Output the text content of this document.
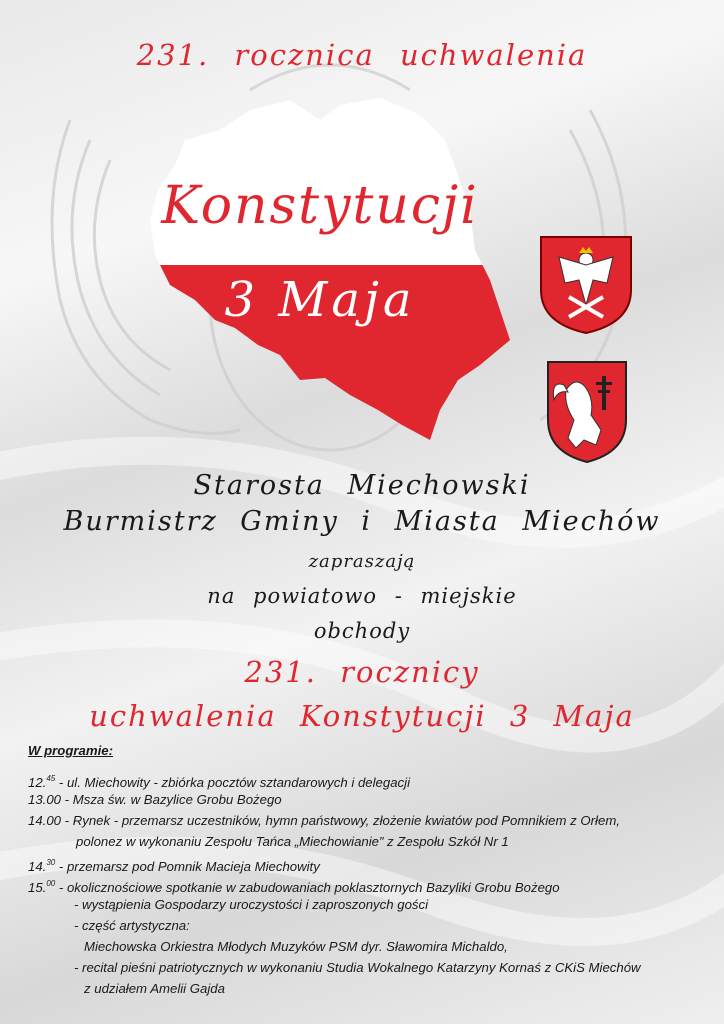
231. rocznica uchwalenia
Konstytucji
3 Maja
Starosta Miechowski
Burmistrz Gminy i Miasta Miechów
zapraszają
na powiatowo - miejskie
obchody
231. rocznicy
uchwalenia Konstytucji 3 Maja
W programie:
12.45 - ul. Miechowity - zbiórka pocztów sztandarowych i delegacji
13.00 - Msza św. w Bazylice Grobu Bożego
14.00 - Rynek - przemarsz uczestników, hymn państwowy, złożenie kwiatów pod Pomnikiem z Orłem,
polonez w wykonaniu Zespołu Tańca „Miechowianie” z Zespołu Szkół Nr 1
14.30 - przemarsz pod Pomnik Macieja Miechowity
15.00 - okolicznościowe spotkanie w zabudowaniach poklasztornych Bazyliki Grobu Bożego
- wystąpienia Gospodarzy uroczystości i zaproszonych gości
- część artystyczna:
Miechowska Orkiestra Młodych Muzyków PSM dyr. Sławomira Michaldo,
- recital pieśni patriotycznych w wykonaniu Studia Wokalnego Katarzyny Kornaś z CKiS Miechów
z udziałem Amelii Gajda
